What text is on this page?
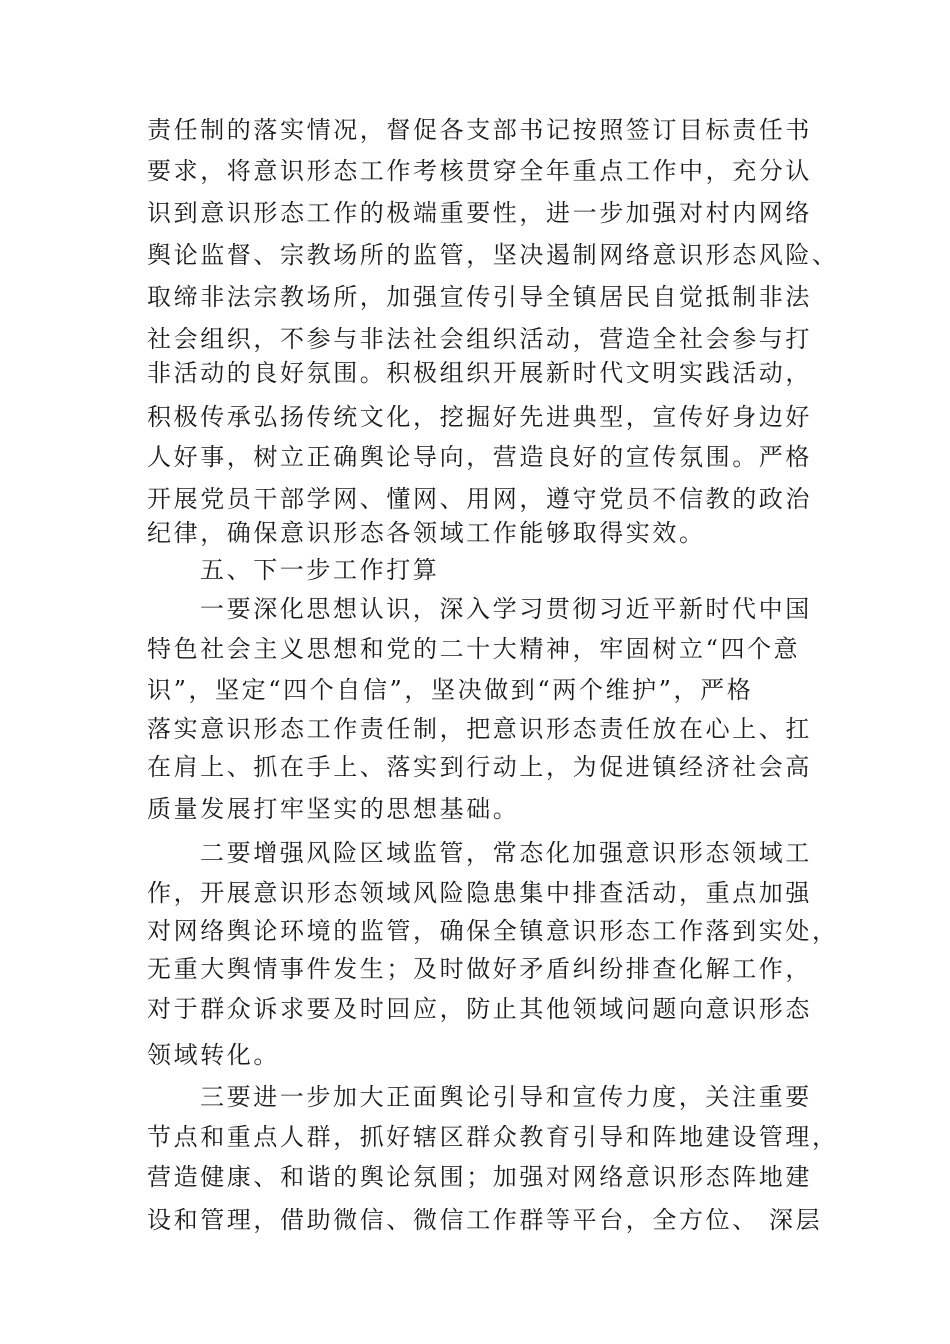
责任制的落实情况，督促各支部书记按照签订目标责任书
要求，将意识形态工作考核贯穿全年重点工作中，充分认
识到意识形态工作的极端重要性，进一步加强对村内网络
舆论监督、宗教场所的监管，坚决遏制网络意识形态风险、
取缔非法宗教场所，加强宣传引导全镇居民自觉抵制非法
社会组织，不参与非法社会组织活动，营造全社会参与打
非活动的良好氛围。积极组织开展新时代文明实践活动，
积极传承弘扬传统文化，挖掘好先进典型，宣传好身边好
人好事，树立正确舆论导向，营造良好的宣传氛围。严格
开展党员干部学网、懂网、用网，遵守党员不信教的政治
纪律，确保意识形态各领域工作能够取得实效。
五、下一步工作打算
一要深化思想认识，深入学习贯彻习近平新时代中国
特色社会主义思想和党的二十大精神，牢固树立“四个意
识”，坚定“四个自信”，坚决做到“两个维护”，严格
落实意识形态工作责任制，把意识形态责任放在心上、扛
在肩上、抓在手上、落实到行动上，为促进镇经济社会高
质量发展打牢坚实的思想基础。
二要增强风险区域监管，常态化加强意识形态领域工
作，开展意识形态领域风险隐患集中排查活动，重点加强
对网络舆论环境的监管，确保全镇意识形态工作落到实处，
无重大舆情事件发生；及时做好矛盾纠纷排查化解工作，
对于群众诉求要及时回应，防止其他领域问题向意识形态
领域转化。
三要进一步加大正面舆论引导和宣传力度，关注重要
节点和重点人群，抓好辖区群众教育引导和阵地建设管理，
营造健康、和谐的舆论氛围；加强对网络意识形态阵地建
设和管理，借助微信、微信工作群等平台，全方位、 深层
